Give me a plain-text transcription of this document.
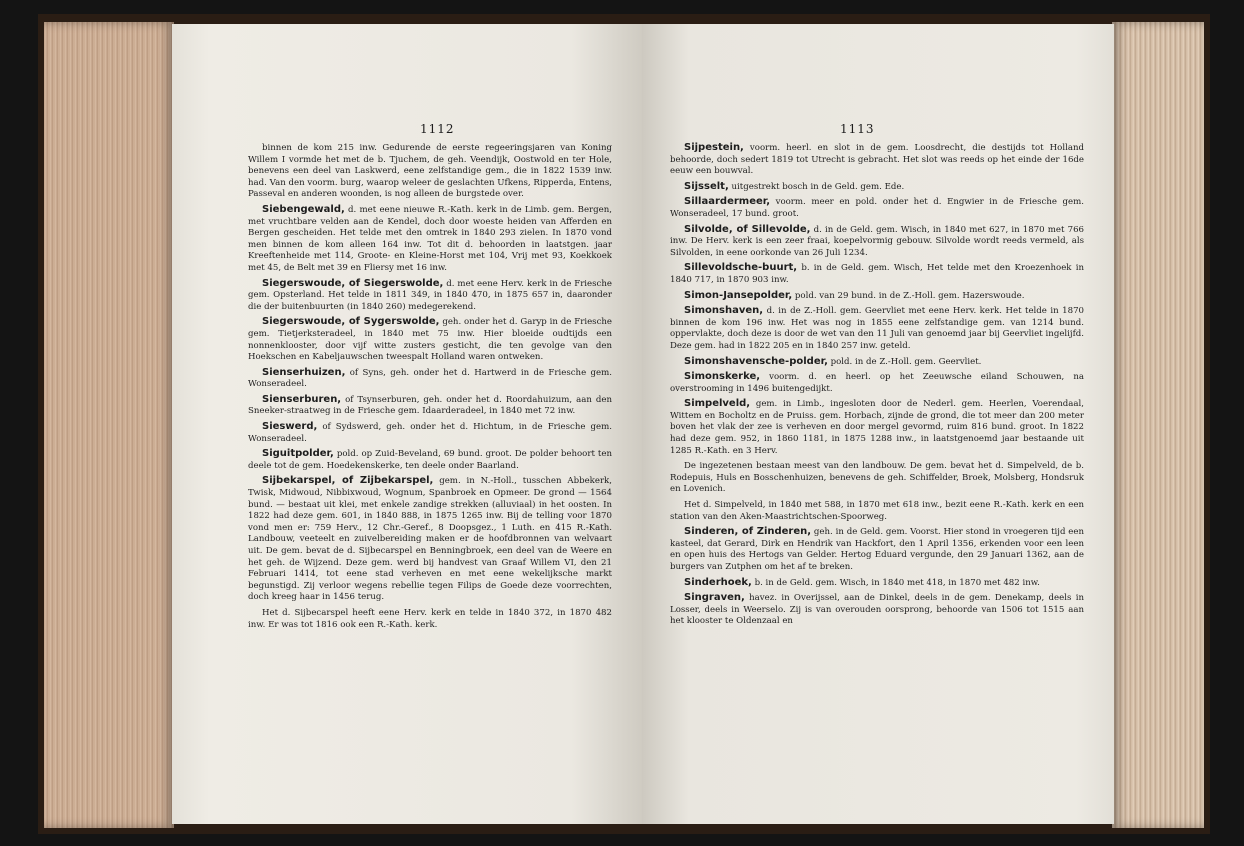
1112

binnen de kom 215 inw. Gedurende de eerste regeeringsjaren van Koning Willem I vormde het met de b. Tjuchem, de geh. Veendijk, Oostwold en ter Hole, benevens een deel van Laskwerd, eene zelfstandige gem., die in 1822 1539 inw. had. Van den voorm. burg, waarop weleer de geslachten Ufkens, Ripperda, Entens, Passeval en anderen woonden, is nog alleen de burgstede over.

Siebengewald, d. met eene nieuwe R.-Kath. kerk in de Limb. gem. Bergen, met vruchtbare velden aan de Kendel, doch door woeste heiden van Afferden en Bergen gescheiden. Het telde met den omtrek in 1840 293 zielen. In 1870 vond men binnen de kom alleen 164 inw. Tot dit d. behoorden in laatstgen. jaar Kreeftenheide met 114, Groote- en Kleine-Horst met 104, Vrij met 93, Koekkoek met 45, de Belt met 39 en Fliersy met 16 inw.

Siegerswoude, of Siegerswolde, d. met eene Herv. kerk in de Friesche gem. Opsterland. Het telde in 1811 349, in 1840 470, in 1875 657 in, daaronder die der buitenbuurten (in 1840 260) medegerekend.

Siegerswoude, of Sygerswolde, geh. onder het d. Garyp in de Friesche gem. Tietjerksteradeel, in 1840 met 75 inw. Hier bloeide oudtijds een nonnenklooster, door vijf witte zusters gesticht, die ten gevolge van den Hoekschen en Kabeljauwschen tweespalt Holland waren ontweken.

Sienserhuizen, of Syns, geh. onder het d. Hartwerd in de Friesche gem. Wonseradeel.

Sienserburen, of Tsynserburen, geh. onder het d. Roordahuizum, aan den Sneeker-straatweg in de Friesche gem. Idaarderadeel, in 1840 met 72 inw.

Sieswerd, of Sydswerd, geh. onder het d. Hichtum, in de Friesche gem. Wonseradeel.

Siguitpolder, pold. op Zuid-Beveland, 69 bund. groot. De polder behoort ten deele tot de gem. Hoedekenskerke, ten deele onder Baarland.

Sijbekarspel, of Zijbekarspel, gem. in N.-Holl., tusschen Abbekerk, Twisk, Midwoud, Nibbixwoud, Wognum, Spanbroek en Opmeer. De grond — 1564 bund. — bestaat uit klei, met enkele zandige strekken (alluviaal) in het oosten. In 1822 had deze gem. 601, in 1840 888, in 1875 1265 inw. Bij de telling voor 1870 vond men er: 759 Herv., 12 Chr.-Geref., 8 Doopsgez., 1 Luth. en 415 R.-Kath. Landbouw, veeteelt en zuivelbereiding maken er de hoofdbronnen van welvaart uit. De gem. bevat de d. Sijbecarspel en Benningbroek, een deel van de Weere en het geh. de Wijzend. Deze gem. werd bij handvest van Graaf Willem VI, den 21 Februari 1414, tot eene stad verheven en met eene wekelijksche markt begunstigd. Zij verloor wegens rebellie tegen Filips de Goede deze voorrechten, doch kreeg haar in 1456 terug.

Het d. Sijbecarspel heeft eene Herv. kerk en telde in 1840 372, in 1870 482 inw. Er was tot 1816 ook een R.-Kath. kerk.

1113

Sijpestein, voorm. heerl. en slot in de gem. Loosdrecht, die destijds tot Holland behoorde, doch sedert 1819 tot Utrecht is gebracht. Het slot was reeds op het einde der 16de eeuw een bouwval.

Sijsselt, uitgestrekt bosch in de Geld. gem. Ede.

Sillaardermeer, voorm. meer en pold. onder het d. Engwier in de Friesche gem. Wonseradeel, 17 bund. groot.

Silvolde, of Sillevolde, d. in de Geld. gem. Wisch, in 1840 met 627, in 1870 met 766 inw. De Herv. kerk is een zeer fraai, koepelvormig gebouw. Silvolde wordt reeds vermeld, als Silvolden, in eene oorkonde van 26 Juli 1234.

Sillevoldsche-buurt, b. in de Geld. gem. Wisch, Het telde met den Kroezenhoek in 1840 717, in 1870 903 inw.

Simon-Jansepolder, pold. van 29 bund. in de Z.-Holl. gem. Hazerswoude.

Simonshaven, d. in de Z.-Holl. gem. Geervliet met eene Herv. kerk. Het telde in 1870 binnen de kom 196 inw. Het was nog in 1855 eene zelfstandige gem. van 1214 bund. oppervlakte, doch deze is door de wet van den 11 Juli van genoemd jaar bij Geervliet ingelijfd. Deze gem. had in 1822 205 en in 1840 257 inw. geteld.

Simonshavensche-polder, pold. in de Z.-Holl. gem. Geervliet.

Simonskerke, voorm. d. en heerl. op het Zeeuwsche eiland Schouwen, na overstrooming in 1496 buitengedijkt.

Simpelveld, gem. in Limb., ingesloten door de Nederl. gem. Heerlen, Voerendaal, Wittem en Bocholtz en de Pruiss. gem. Horbach, zijnde de grond, die tot meer dan 200 meter boven het vlak der zee is verheven en door mergel gevormd, ruim 816 bund. groot. In 1822 had deze gem. 952, in 1860 1181, in 1875 1288 inw., in laatstgenoemd jaar bestaande uit 1285 R.-Kath. en 3 Herv.

De ingezetenen bestaan meest van den landbouw. De gem. bevat het d. Simpelveld, de b. Rodepuis, Huls en Bosschenhuizen, benevens de geh. Schiffelder, Broek, Molsberg, Hondsruk en Lovenich.

Het d. Simpelveld, in 1840 met 588, in 1870 met 618 inw., bezit eene R.-Kath. kerk en een station van den Aken-Maastrichtschen-Spoorweg.

Sinderen, of Zinderen, geh. in de Geld. gem. Voorst. Hier stond in vroegeren tijd een kasteel, dat Gerard, Dirk en Hendrik van Hackfort, den 1 April 1356, erkenden voor een leen en open huis des Hertogs van Gelder. Hertog Eduard vergunde, den 29 Januari 1362, aan de burgers van Zutphen om het af te breken.

Sinderhoek, b. in de Geld. gem. Wisch, in 1840 met 418, in 1870 met 482 inw.

Singraven, havez. in Overijssel, aan de Dinkel, deels in de gem. Denekamp, deels in Losser, deels in Weerselo. Zij is van overouden oorsprong, behoorde van 1506 tot 1515 aan het klooster te Oldenzaal en
